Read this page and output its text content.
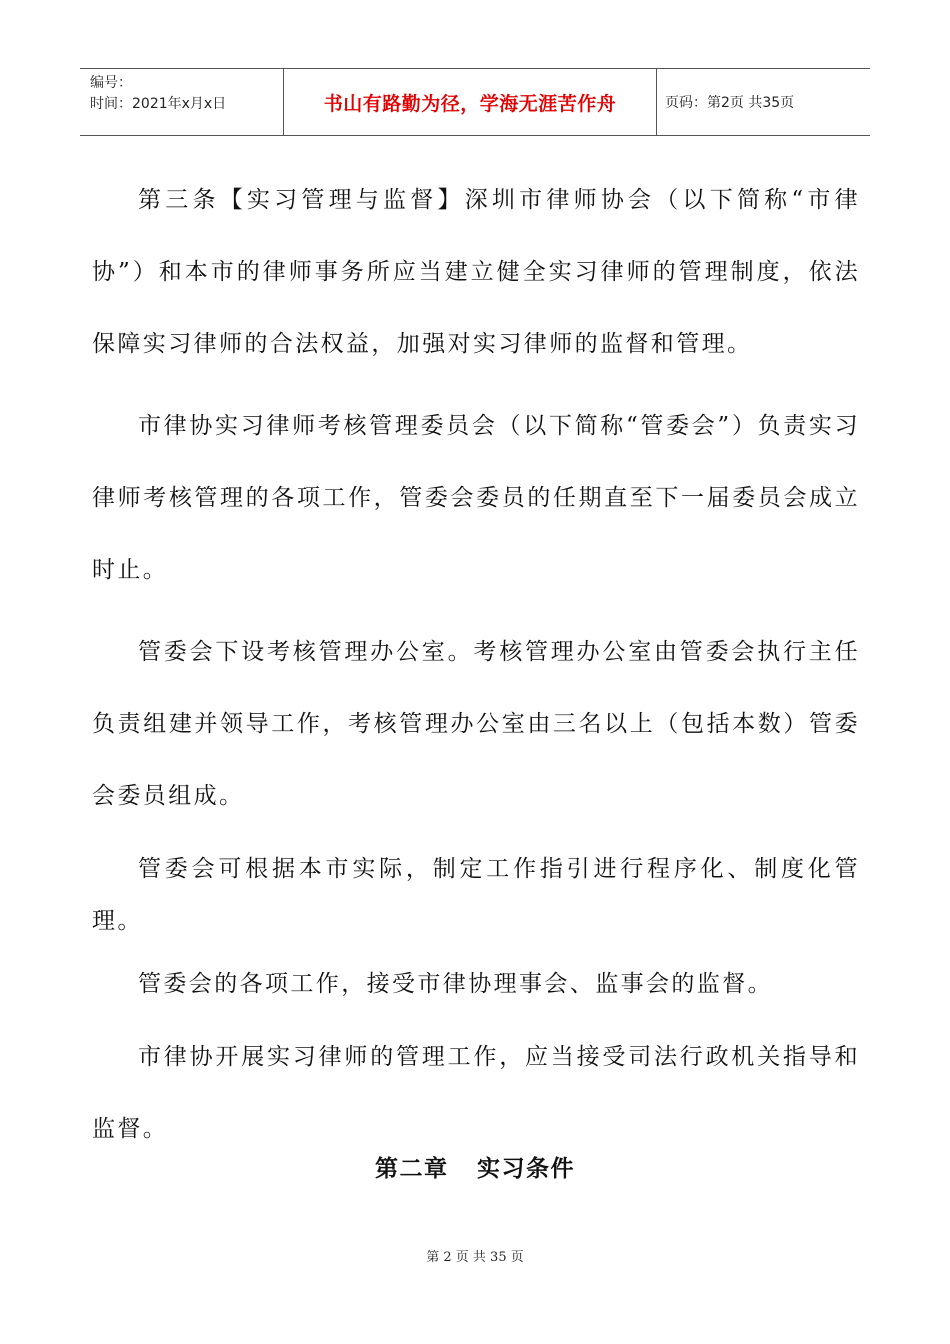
编号：
时间：2021年x月x日	书山有路勤为径，学海无涯苦作舟	页码：第2页 共35页

第三条【实习管理与监督】深圳市律师协会（以下简称“市律协”）和本市的律师事务所应当建立健全实习律师的管理制度，依法保障实习律师的合法权益，加强对实习律师的监督和管理。

市律协实习律师考核管理委员会（以下简称“管委会”）负责实习律师考核管理的各项工作，管委会委员的任期直至下一届委员会成立时止。

管委会下设考核管理办公室。考核管理办公室由管委会执行主任负责组建并领导工作，考核管理办公室由三名以上（包括本数）管委会委员组成。

管委会可根据本市实际，制定工作指引进行程序化、制度化管理。

管委会的各项工作，接受市律协理事会、监事会的监督。

市律协开展实习律师的管理工作，应当接受司法行政机关指导和监督。

第二章   实习条件
第 2 页 共 35 页
